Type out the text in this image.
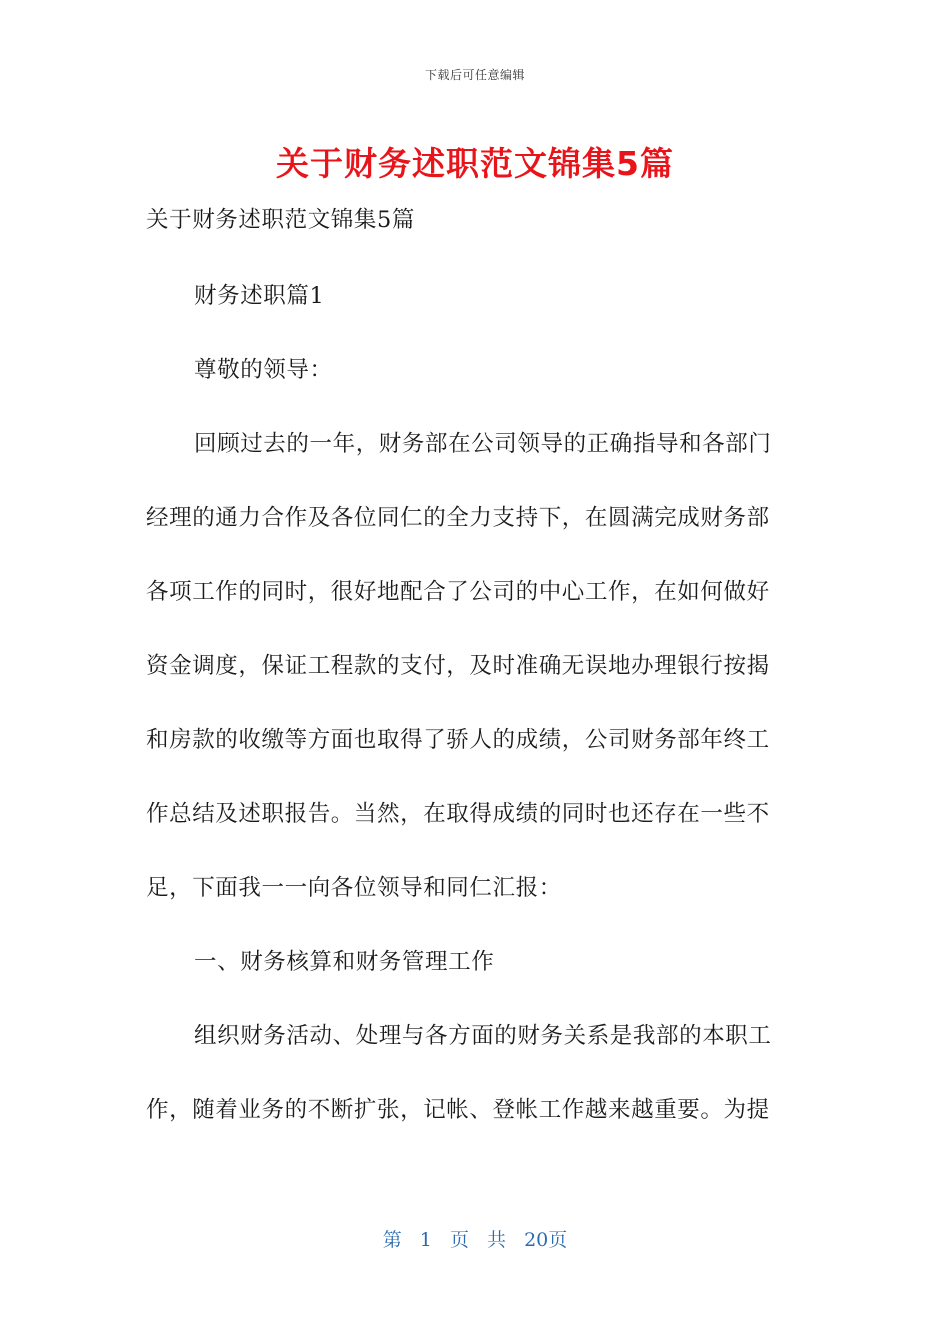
下载后可任意编辑
关于财务述职范文锦集5篇

关于财务述职范文锦集5篇

财务述职篇1

尊敬的领导：

回顾过去的一年，财务部在公司领导的正确指导和各部门

经理的通力合作及各位同仁的全力支持下，在圆满完成财务部

各项工作的同时，很好地配合了公司的中心工作，在如何做好

资金调度，保证工程款的支付，及时准确无误地办理银行按揭

和房款的收缴等方面也取得了骄人的成绩，公司财务部年终工

作总结及述职报告。当然，在取得成绩的同时也还存在一些不

足，下面我一一向各位领导和同仁汇报：

一、财务核算和财务管理工作

组织财务活动、处理与各方面的财务关系是我部的本职工

作，随着业务的不断扩张，记帐、登帐工作越来越重要。为提

第 1 页 共 20页
